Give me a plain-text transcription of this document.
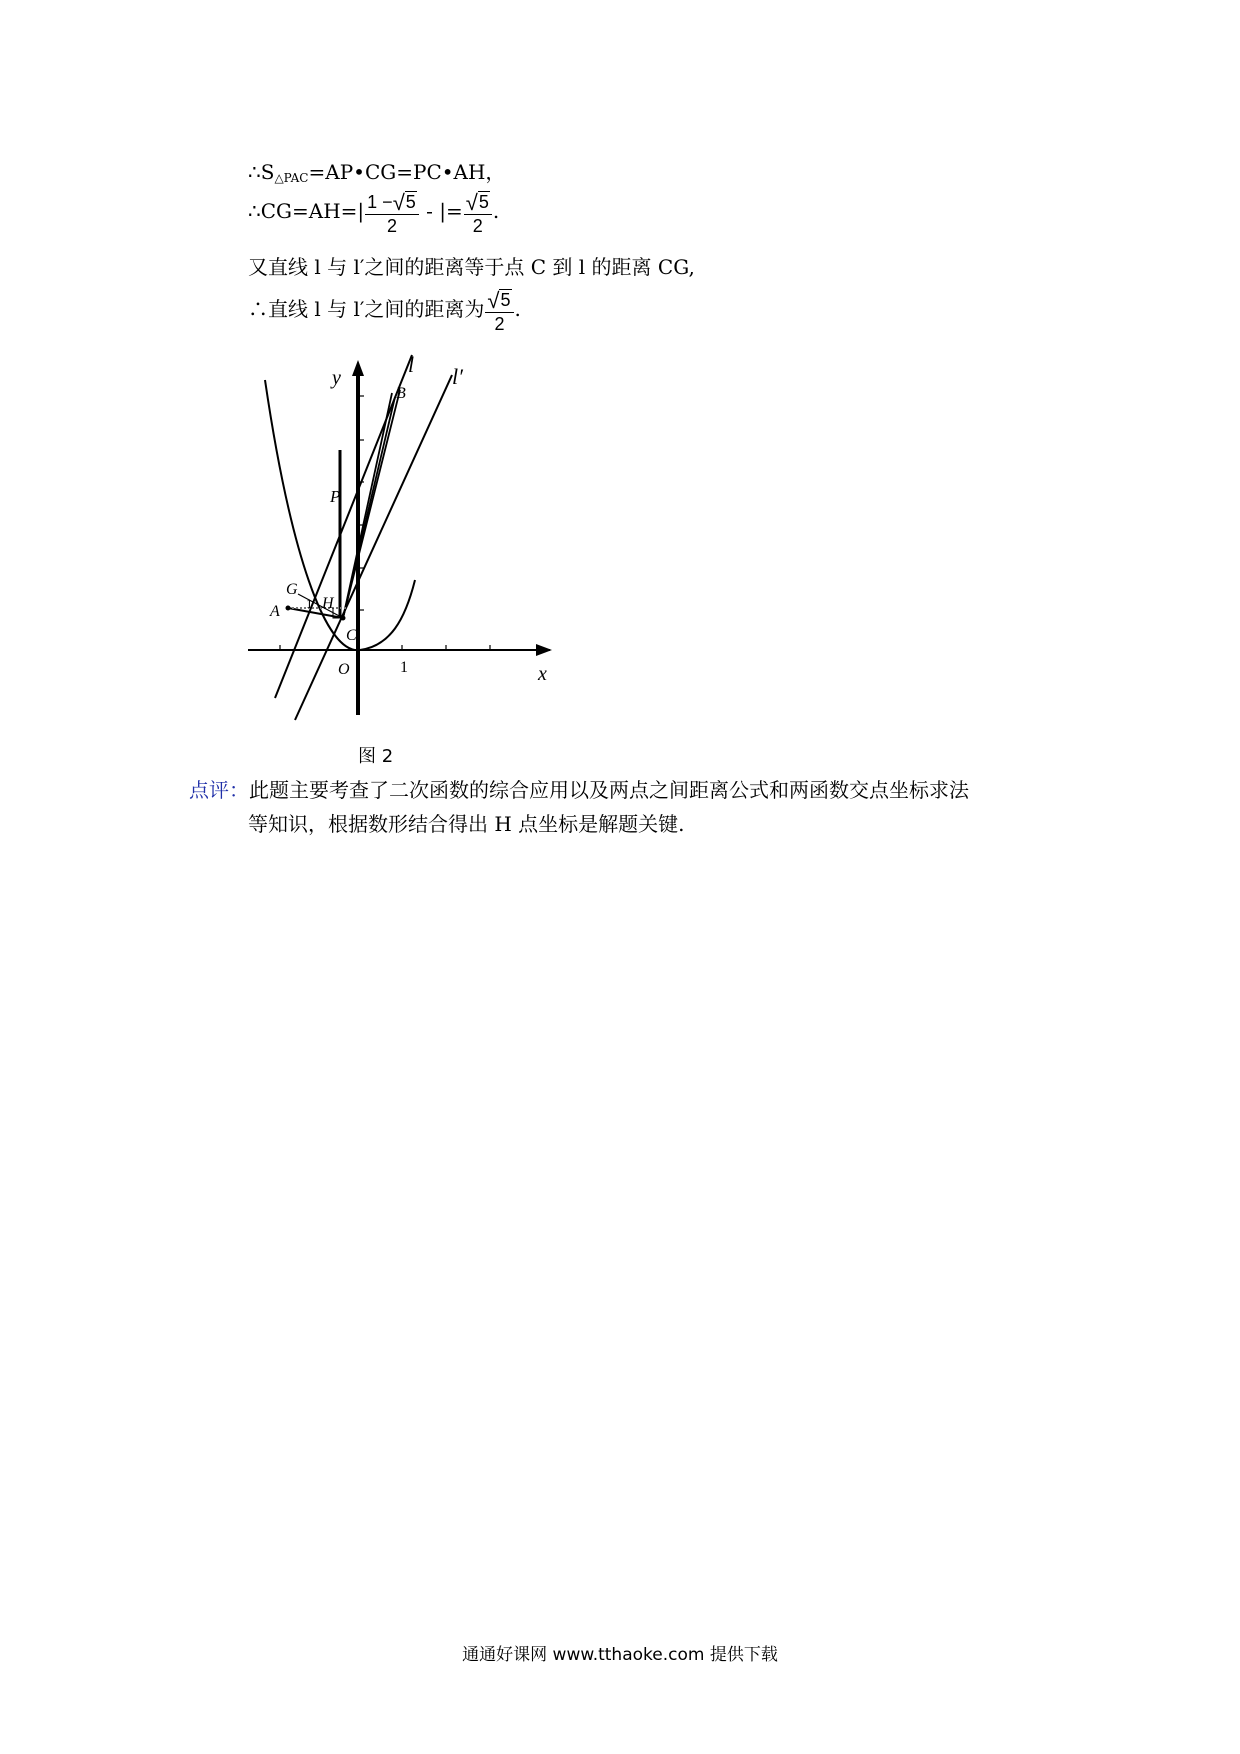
∴S△PAC=AP•CG=PC•AH，
∴CG=AH=| $\frac{1 -√5}{2}$ - |= $\frac{√5}{2}$ .
又直线 l 与 l′之间的距离等于点 C 到 l 的距离 CG,
∴直线 l 与 l′之间的距离为 $\frac{√5}{2}$ .
y
x
l l′
B
P
G
1 H
A
C
O	1
图 2
点评：此题主要考查了二次函数的综合应用以及两点之间距离公式和两函数交点坐标求法
等知识，根据数形结合得出 H 点坐标是解题关键.
通通好课网 www.tthaoke.com 提供下载
